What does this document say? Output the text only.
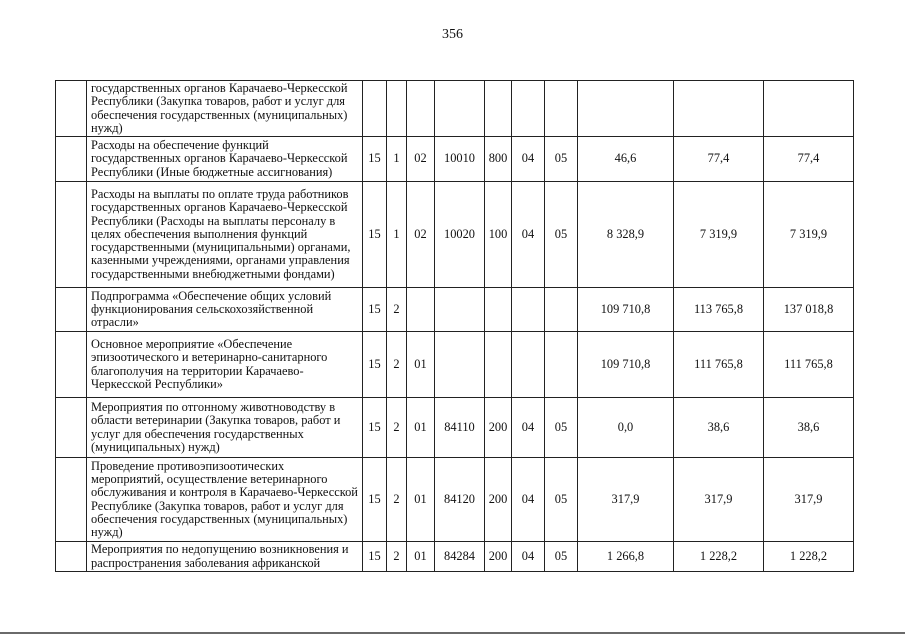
356
	государственных органов Карачаево-Черкесской Республики (Закупка товаров, работ и услуг для обеспечения государственных (муниципальных) нужд)										
	Расходы на обеспечение функций государственных органов Карачаево-Черкесской Республики (Иные бюджетные ассигнования)	15	1	02	10010	800	04	05	46,6	77,4	77,4
	Расходы на выплаты по оплате труда работников государственных органов Карачаево-Черкесской Республики (Расходы на выплаты персоналу в целях обеспечения выполнения функций государственными (муниципальными) органами, казенными учреждениями, органами управления государственными внебюджетными фондами)	15	1	02	10020	100	04	05	8 328,9	7 319,9	7 319,9
	Подпрограмма «Обеспечение общих условий функционирования сельскохозяйственной отрасли»	15	2						109 710,8	113 765,8	137 018,8
	Основное мероприятие «Обеспечение эпизоотического и ветеринарно-санитарного благополучия на территории Карачаево-Черкесской Республики»	15	2	01					109 710,8	111 765,8	111 765,8
	Мероприятия по отгонному животноводству в области ветеринарии (Закупка товаров, работ и услуг для обеспечения государственных (муниципальных) нужд)	15	2	01	84110	200	04	05	0,0	38,6	38,6
	Проведение противоэпизоотических мероприятий, осуществление ветеринарного обслуживания и контроля в Карачаево-Черкесской Республике (Закупка товаров, работ и услуг для обеспечения государственных (муниципальных) нужд)	15	2	01	84120	200	04	05	317,9	317,9	317,9
	Мероприятия по недопущению возникновения и распространения заболевания африканской	15	2	01	84284	200	04	05	1 266,8	1 228,2	1 228,2
